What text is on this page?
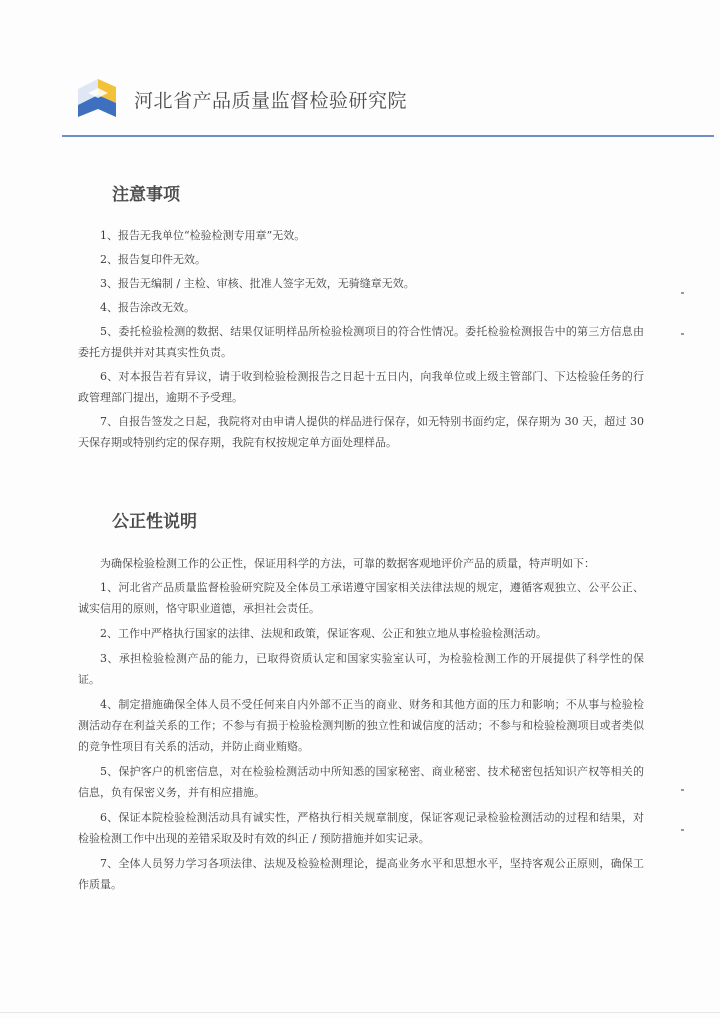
河北省产品质量监督检验研究院
注意事项
1、报告无我单位“检验检测专用章”无效。
2、报告复印件无效。
3、报告无编制 / 主检、审核、批准人签字无效，无骑缝章无效。
4、报告涂改无效。
5、委托检验检测的数据、结果仅证明样品所检验检测项目的符合性情况。委托检验检测报告中的第三方信息由委托方提供并对其真实性负责。
6、对本报告若有异议，请于收到检验检测报告之日起十五日内，向我单位或上级主管部门、下达检验任务的行政管理部门提出，逾期不予受理。
7、自报告签发之日起，我院将对由申请人提供的样品进行保存，如无特别书面约定，保存期为 30 天，超过 30 天保存期或特别约定的保存期，我院有权按规定单方面处理样品。
公正性说明
为确保检验检测工作的公正性，保证用科学的方法，可靠的数据客观地评价产品的质量，特声明如下：
1、河北省产品质量监督检验研究院及全体员工承诺遵守国家相关法律法规的规定，遵循客观独立、公平公正、诚实信用的原则，恪守职业道德，承担社会责任。
2、工作中严格执行国家的法律、法规和政策，保证客观、公正和独立地从事检验检测活动。
3、承担检验检测产品的能力，已取得资质认定和国家实验室认可，为检验检测工作的开展提供了科学性的保证。
4、制定措施确保全体人员不受任何来自内外部不正当的商业、财务和其他方面的压力和影响；不从事与检验检测活动存在利益关系的工作；不参与有损于检验检测判断的独立性和诚信度的活动；不参与和检验检测项目或者类似的竞争性项目有关系的活动，并防止商业贿赂。
5、保护客户的机密信息，对在检验检测活动中所知悉的国家秘密、商业秘密、技术秘密包括知识产权等相关的信息，负有保密义务，并有相应措施。
6、保证本院检验检测活动具有诚实性，严格执行相关规章制度，保证客观记录检验检测活动的过程和结果，对检验检测工作中出现的差错采取及时有效的纠正 / 预防措施并如实记录。
7、全体人员努力学习各项法律、法规及检验检测理论，提高业务水平和思想水平，坚持客观公正原则，确保工作质量。
